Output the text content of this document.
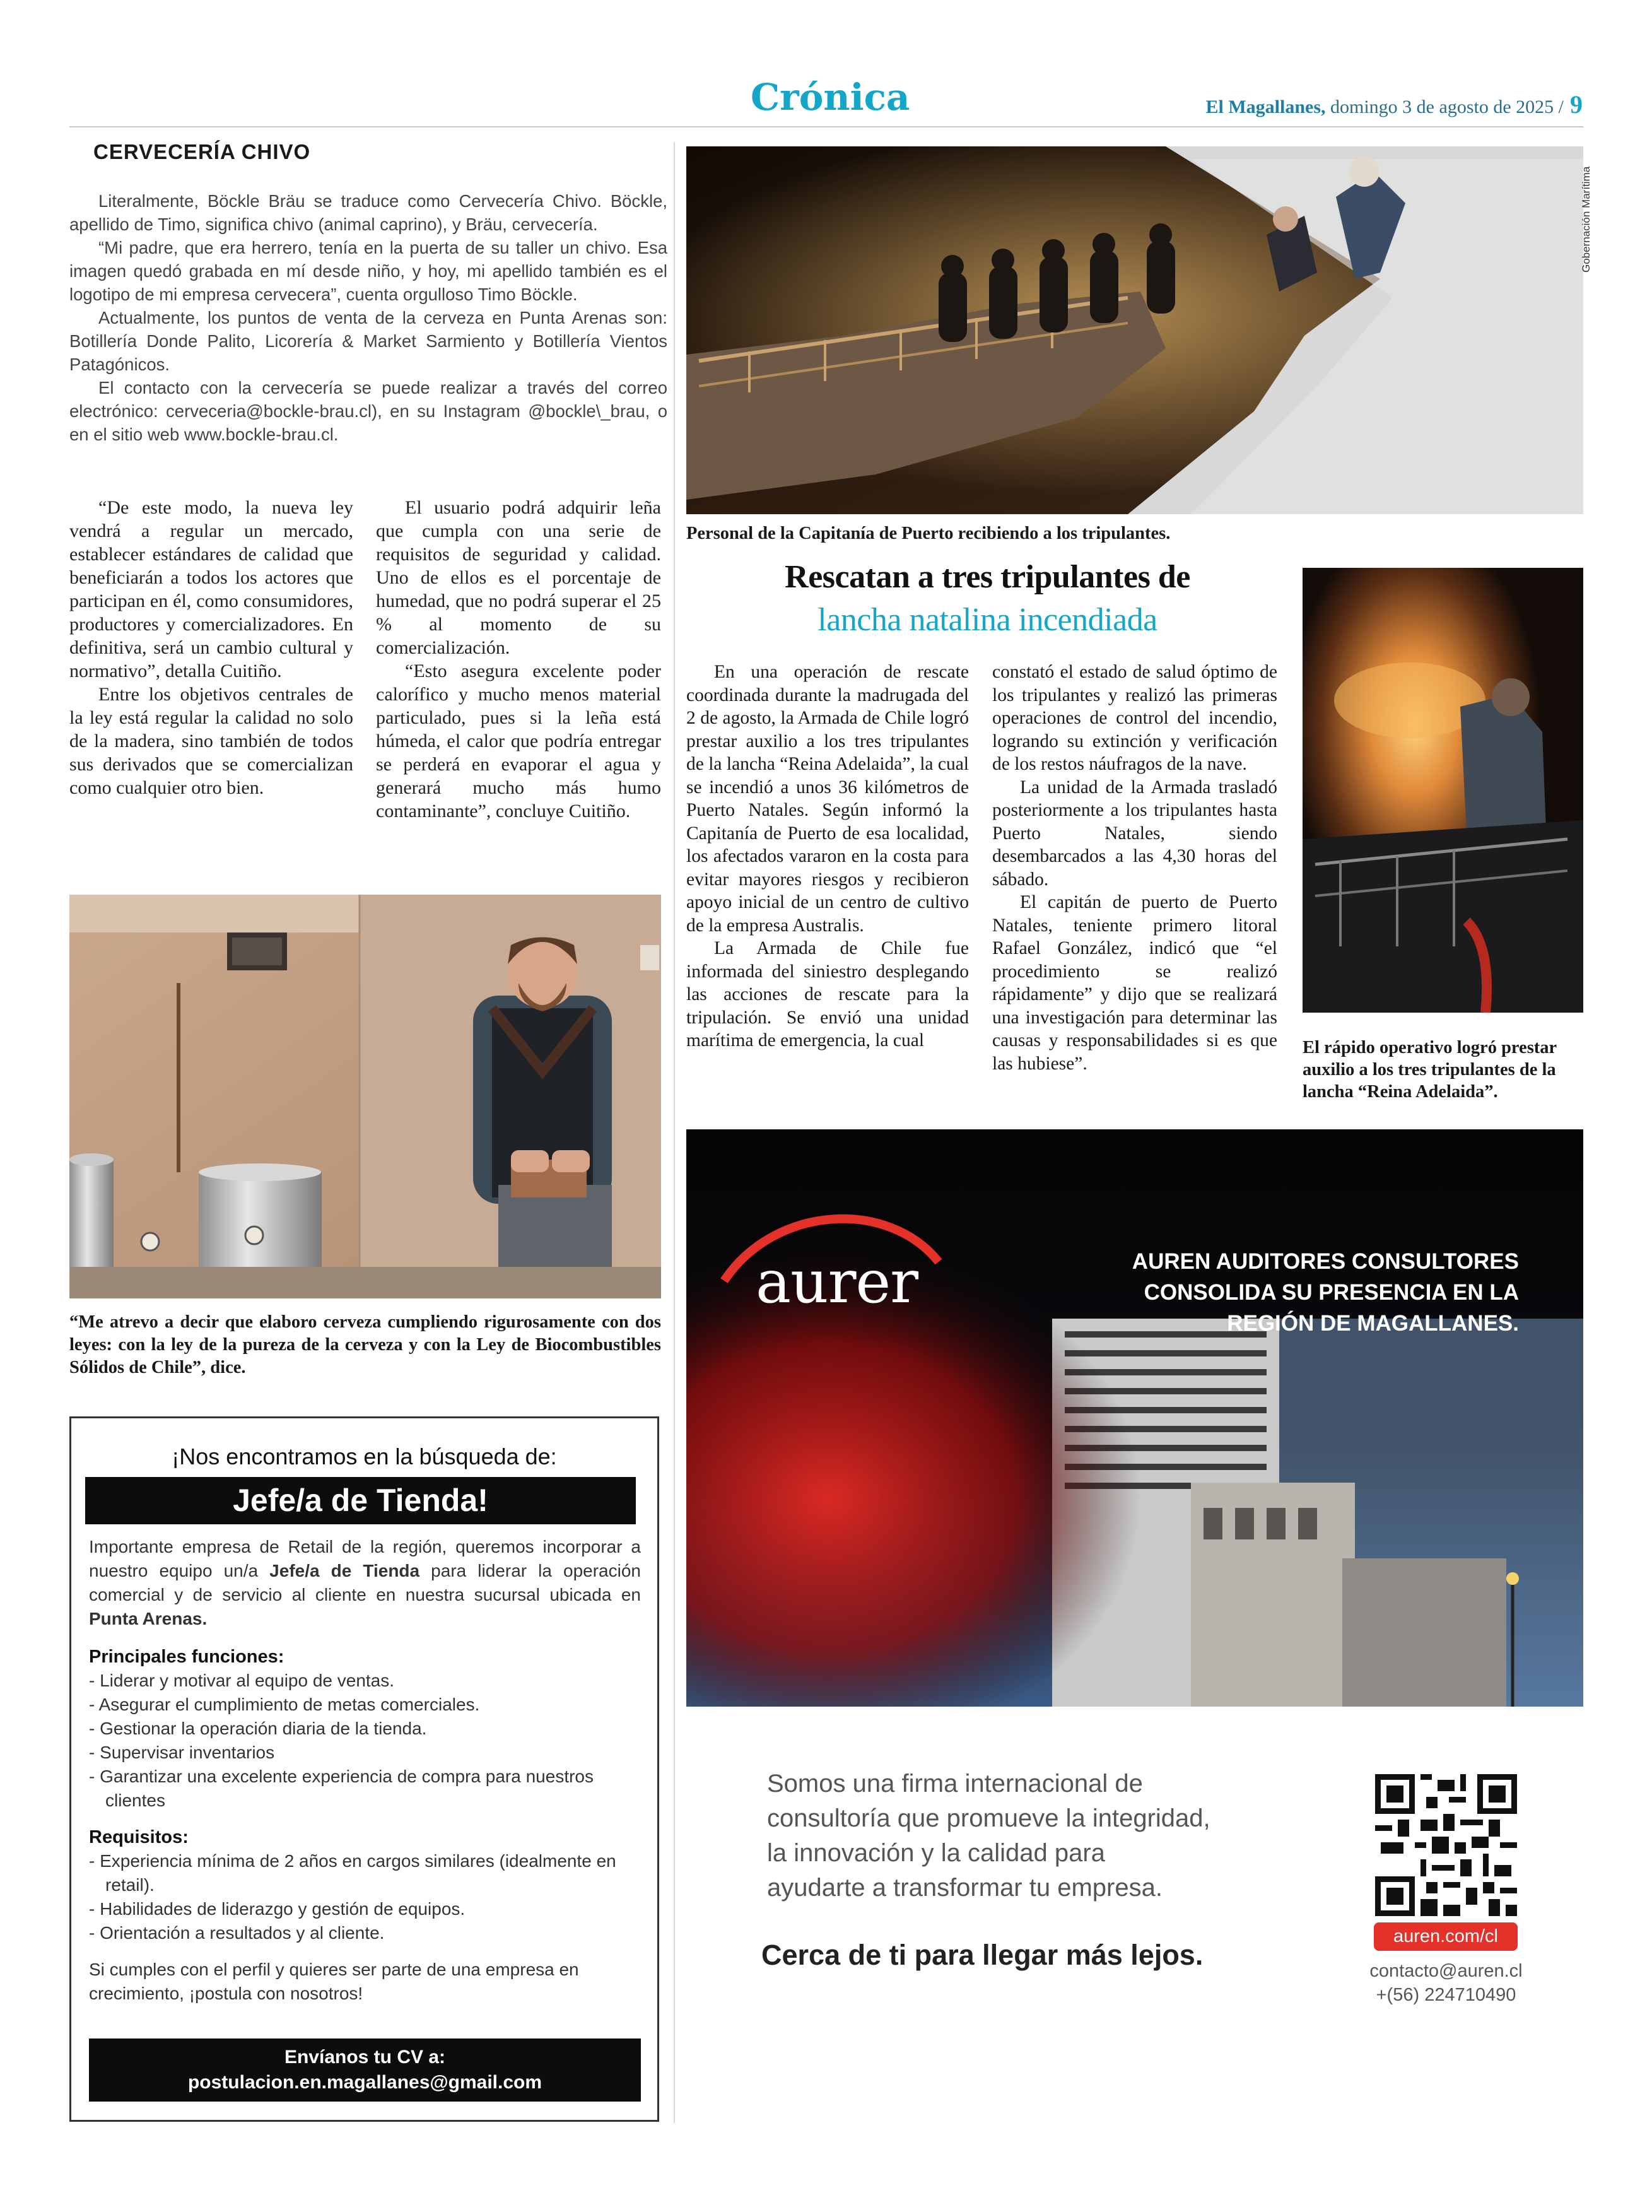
Crónica	El Magallanes, domingo 3 de agosto de 2025 / 9
CERVECERÍA CHIVO

Literalmente, Böckle Bräu se traduce como Cervecería Chivo. Böckle, apellido de Timo, significa chivo (animal caprino), y Bräu, cervecería.

“Mi padre, que era herrero, tenía en la puerta de su taller un chivo. Esa imagen quedó grabada en mí desde niño, y hoy, mi apellido también es el logotipo de mi empresa cervecera”, cuenta orgulloso Timo Böckle.

Actualmente, los puntos de venta de la cerveza en Punta Arenas son: Botillería Donde Palito, Licorería & Market Sarmiento y Botillería Vientos Patagónicos.

El contacto con la cervecería se puede realizar a través del correo electrónico: cerveceria@bockle-brau.cl), en su Instagram @bockle\_brau, o en el sitio web www.bockle-brau.cl.

“De este modo, la nueva ley vendrá a regular un mercado, establecer estándares de calidad que beneficiarán a todos los actores que participan en él, como consumidores, productores y comercializadores. En definitiva, será un cambio cultural y normativo”, detalla Cuitiño.

Entre los objetivos centrales de la ley está regular la calidad no solo de la madera, sino también de todos sus derivados que se comercializan como cualquier otro bien.

El usuario podrá adquirir leña que cumpla con una serie de requisitos de seguridad y calidad. Uno de ellos es el porcentaje de humedad, que no podrá superar el 25 % al momento de su comercialización.

“Esto asegura excelente poder calorífico y mucho menos material particulado, pues si la leña está húmeda, el calor que podría entregar se perderá en evaporar el agua y generará mucho más humo contaminante”, concluye Cuitiño.

“Me atrevo a decir que elaboro cerveza cumpliendo rigurosamente con dos leyes: con la ley de la pureza de la cerveza y con la Ley de Biocombustibles Sólidos de Chile”, dice.
¡Nos encontramos en la búsqueda de:
Jefe/a de Tienda!

Importante empresa de Retail de la región, queremos incorporar a nuestro equipo un/a Jefe/a de Tienda para liderar la operación comercial y de servicio al cliente en nuestra sucursal ubicada en Punta Arenas.

Principales funciones:
- Liderar y motivar al equipo de ventas.
- Asegurar el cumplimiento de metas comerciales.
- Gestionar la operación diaria de la tienda.
- Supervisar inventarios
- Garantizar una excelente experiencia de compra para nuestros clientes
Requisitos:
- Experiencia mínima de 2 años en cargos similares (idealmente en retail).
- Habilidades de liderazgo y gestión de equipos.
- Orientación a resultados y al cliente.

Si cumples con el perfil y quieres ser parte de una empresa en crecimiento, ¡postula con nosotros!

Envíanos tu CV a:
postulacion.en.magallanes@gmail.com
Gobernación Marítima
Personal de la Capitanía de Puerto recibiendo a los tripulantes.
Rescatan a tres tripulantes de
lancha natalina incendiada

En una operación de rescate coordinada durante la madrugada del 2 de agosto, la Armada de Chile logró prestar auxilio a los tres tripulantes de la lancha “Reina Adelaida”, la cual se incendió a unos 36 kilómetros de Puerto Natales. Según informó la Capitanía de Puerto de esa localidad, los afectados vararon en la costa para evitar mayores riesgos y recibieron apoyo inicial de un centro de cultivo de la empresa Australis.

La Armada de Chile fue informada del siniestro desplegando las acciones de rescate para la tripulación. Se envió una unidad marítima de emergencia, la cual

constató el estado de salud óptimo de los tripulantes y realizó las primeras operaciones de control del incendio, logrando su extinción y verificación de los restos náufragos de la nave.

La unidad de la Armada trasladó posteriormente a los tripulantes hasta Puerto Natales, siendo desembarcados a las 4,30 horas del sábado.

El capitán de puerto de Puerto Natales, teniente primero litoral Rafael González, indicó que “el procedimiento se realizó rápidamente” y dijo que se realizará una investigación para determinar las causas y responsabilidades si es que las hubiese”.

El rápido operativo logró prestar auxilio a los tres tripulantes de la lancha “Reina Adelaida”.
aurer	AUREN AUDITORES CONSULTORES
CONSOLIDA SU PRESENCIA EN LA
REGIÓN DE MAGALLANES.
Somos una firma internacional de
consultoría que promueve la integridad,
la innovación y la calidad para
ayudarte a transformar tu empresa.
Cerca de ti para llegar más lejos.
auren.com/cl
contacto@auren.cl
+(56) 224710490
